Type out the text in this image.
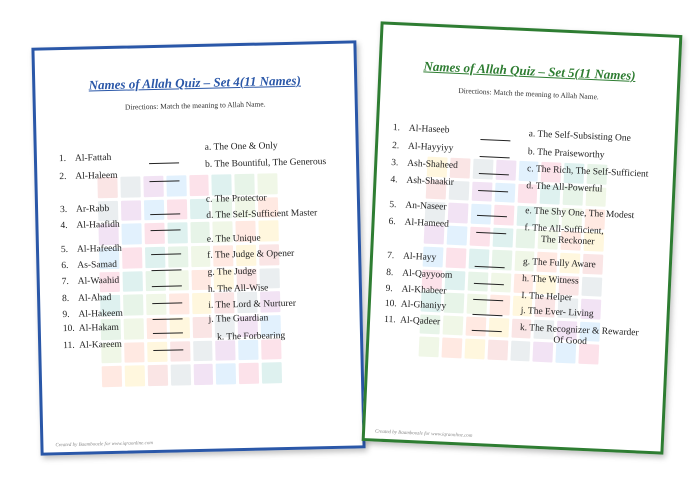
Names of Allah Quiz – Set 4(11 Names)
Directions: Match the meaning to Allah Name.
1. Al-Fattah
2. Al-Haleem
3. Ar-Rabb
4. Al-Haafidh
5. Al-Hafeedh
6. As-Samad
7. Al-Waahid
8. Al-Ahad
9. Al-Hakeem
10. Al-Hakam
11. Al-Kareem
a. The One & Only
b. The Bountiful, The Generous
c. The Protector
d. The Self-Sufficient Master
e. The Unique
f. The Judge & Opener
g. The Judge
h. The All-Wise
i. The Lord & Nurturer
j. The Guardian
k. The Forbearing
Created by Baamboozle for www.iqraonline.com
Names of Allah Quiz – Set 5(11 Names)
Directions: Match the meaning to Allah Name.
1. Al-Haseeb
2. Al-Hayyiyy
3. Ash-Shaheed
4. Ash-Shaakir
5. An-Naseer
6. Al-Hameed
7. Al-Hayy
8. Al-Qayyoom
9. Al-Khabeer
10. Al-Ghaniyy
11. Al-Qadeer
a. The Self-Subsisting One
b. The Praiseworthy
c. The Rich, The Self-Sufficient
d. The All-Powerful
e. The Shy One, The Modest
f. The All-Sufficient,
The Reckoner
g. The Fully Aware
h. The Witness
I. The Helper
j. The Ever- Living
k. The Recognizer & Rewarder
Of Good
Created by Baamboozle for www.iqraonline.com
